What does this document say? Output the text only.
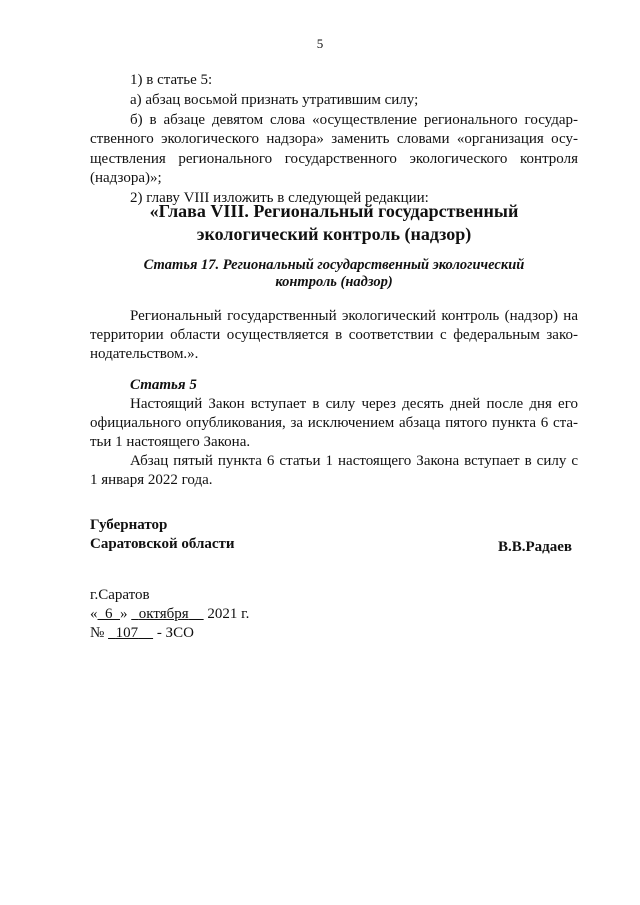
5
1) в статье 5:
а) абзац восьмой признать утратившим силу;
б) в абзаце девятом слова «осуществление регионального государ-
ственного экологического надзора» заменить словами «организация осу-
ществления регионального государственного экологического контроля
(надзора)»;
2) главу VIII изложить в следующей редакции:
«Глава VIII. Региональный государственный
экологический контроль (надзор)
Статья 17. Региональный государственный экологический
контроль (надзор)
Региональный государственный экологический контроль (надзор) на
территории области осуществляется в соответствии с федеральным зако-
нодательством.».
Статья 5
Настоящий Закон вступает в силу через десять дней после дня его
официального опубликования, за исключением абзаца пятого пункта 6 ста-
тьи 1 настоящего Закона.
Абзац пятый пункта 6 статьи 1 настоящего Закона вступает в силу с
1 января 2022 года.
Губернатор
Саратовской области	В.В.Радаев
г.Саратов
« 6 » октября 2021 г.
№ 107 - ЗСО
